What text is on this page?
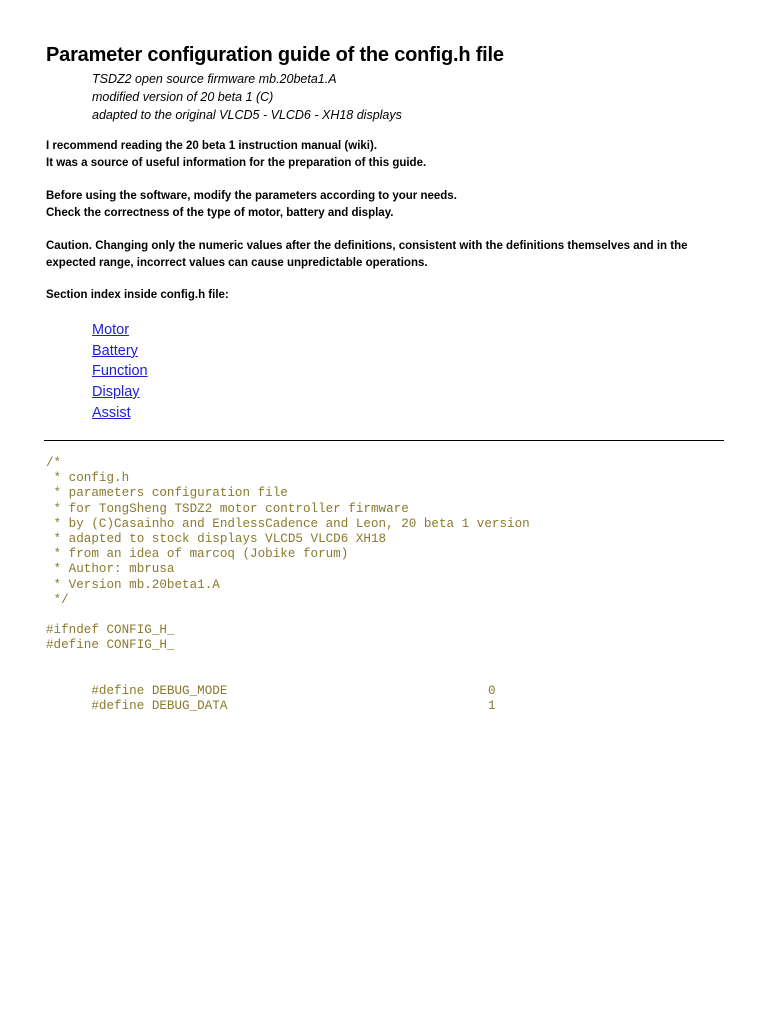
Parameter configuration guide of the config.h file
TSDZ2 open source firmware mb.20beta1.A
modified version of 20 beta 1 (C)
adapted to the original VLCD5 - VLCD6 - XH18 displays
I recommend reading the 20 beta 1 instruction manual (wiki).
It was a source of useful information for the preparation of this guide.
Before using the software, modify the parameters according to your needs.
Check the correctness of the type of motor, battery and display.
Caution. Changing only the numeric values after the definitions, consistent with the definitions themselves and in the expected range, incorrect values can cause unpredictable operations.
Section index inside config.h file:
Motor
Battery
Function
Display
Assist
/*
* config.h
* parameters configuration file
* for TongSheng TSDZ2 motor controller firmware
* by (C)Casainho and EndlessCadence and Leon, 20 beta 1 version
* adapted to stock displays VLCD5 VLCD6 XH18
* from an idea of marcoq (Jobike forum)
* Author: mbrusa
* Version mb.20beta1.A
*/
#ifndef CONFIG_H_
#define CONFIG_H_

#define DEBUG_MODE	0

#define DEBUG_DATA	1
